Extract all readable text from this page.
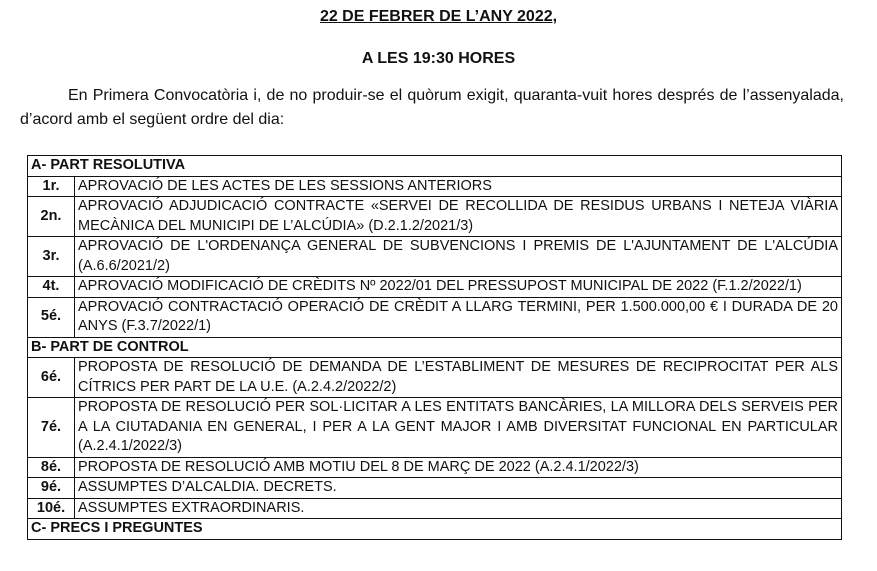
22 DE FEBRER DE L’ANY 2022,
A LES 19:30 HORES
En Primera Convocatòria i, de no produir-se el quòrum exigit, quaranta-vuit hores després de l’assenyalada, d’acord amb el següent ordre del dia:
A- PART RESOLUTIVA	
1r.	APROVACIÓ DE LES ACTES DE LES SESSIONS ANTERIORS
2n.	APROVACIÓ ADJUDICACIÓ CONTRACTE «SERVEI DE RECOLLIDA DE RESIDUS URBANS I NETEJA VIÀRIA MECÀNICA DEL MUNICIPI DE L’ALCÚDIA» (D.2.1.2/2021/3)
3r.	APROVACIÓ DE L'ORDENANÇA GENERAL DE SUBVENCIONS I PREMIS DE L'AJUNTAMENT DE L'ALCÚDIA (A.6.6/2021/2)
4t.	APROVACIÓ MODIFICACIÓ DE CRÈDITS Nº 2022/01 DEL PRESSUPOST MUNICIPAL DE 2022 (F.1.2/2022/1)
5é.	APROVACIÓ CONTRACTACIÓ OPERACIÓ DE CRÈDIT A LLARG TERMINI, PER 1.500.000,00 € I DURADA DE 20 ANYS (F.3.7/2022/1)
B- PART DE CONTROL	
6é.	PROPOSTA DE RESOLUCIÓ DE DEMANDA DE L’ESTABLIMENT DE MESURES DE RECIPROCITAT PER ALS CÍTRICS PER PART DE LA U.E. (A.2.4.2/2022/2)
7é.	PROPOSTA DE RESOLUCIÓ PER SOL·LICITAR A LES ENTITATS BANCÀRIES, LA MILLORA DELS SERVEIS PER A LA CIUTADANIA EN GENERAL, I PER A LA GENT MAJOR I AMB DIVERSITAT FUNCIONAL EN PARTICULAR (A.2.4.1/2022/3)
8é.	PROPOSTA DE RESOLUCIÓ AMB MOTIU DEL 8 DE MARÇ DE 2022 (A.2.4.1/2022/3)
9é.	ASSUMPTES D’ALCALDIA. DECRETS.
10é.	ASSUMPTES EXTRAORDINARIS.
C- PRECS I PREGUNTES	
